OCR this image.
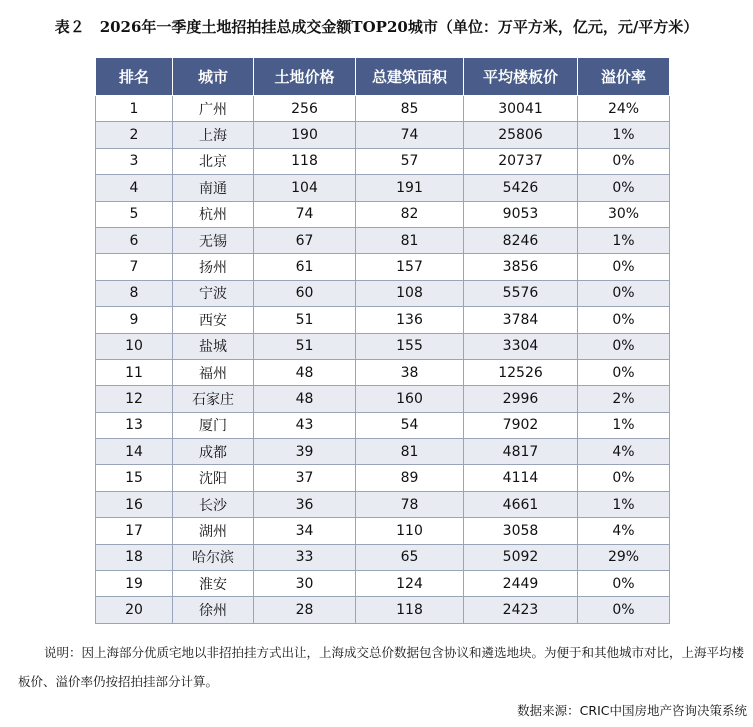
表２　2026年一季度土地招拍挂总成交金额TOP20城市（单位：万平方米，亿元，元/平方米）
排名	城市	土地价格	总建筑面积	平均楼板价	溢价率
1	广州	256	85	30041	24%
2	上海	190	74	25806	1%
3	北京	118	57	20737	0%
4	南通	104	191	5426	0%
5	杭州	74	82	9053	30%
6	无锡	67	81	8246	1%
7	扬州	61	157	3856	0%
8	宁波	60	108	5576	0%
9	西安	51	136	3784	0%
10	盐城	51	155	3304	0%
11	福州	48	38	12526	0%
12	石家庄	48	160	2996	2%
13	厦门	43	54	7902	1%
14	成都	39	81	4817	4%
15	沈阳	37	89	4114	0%
16	长沙	36	78	4661	1%
17	湖州	34	110	3058	4%
18	哈尔滨	33	65	5092	29%
19	淮安	30	124	2449	0%
20	徐州	28	118	2423	0%
说明：因上海部分优质宅地以非招拍挂方式出让，上海成交总价数据包含协议和遴选地块。为便于和其他城市对比，上海平均楼板价、溢价率仍按招拍挂部分计算。
数据来源：CRIC中国房地产咨询决策系统
